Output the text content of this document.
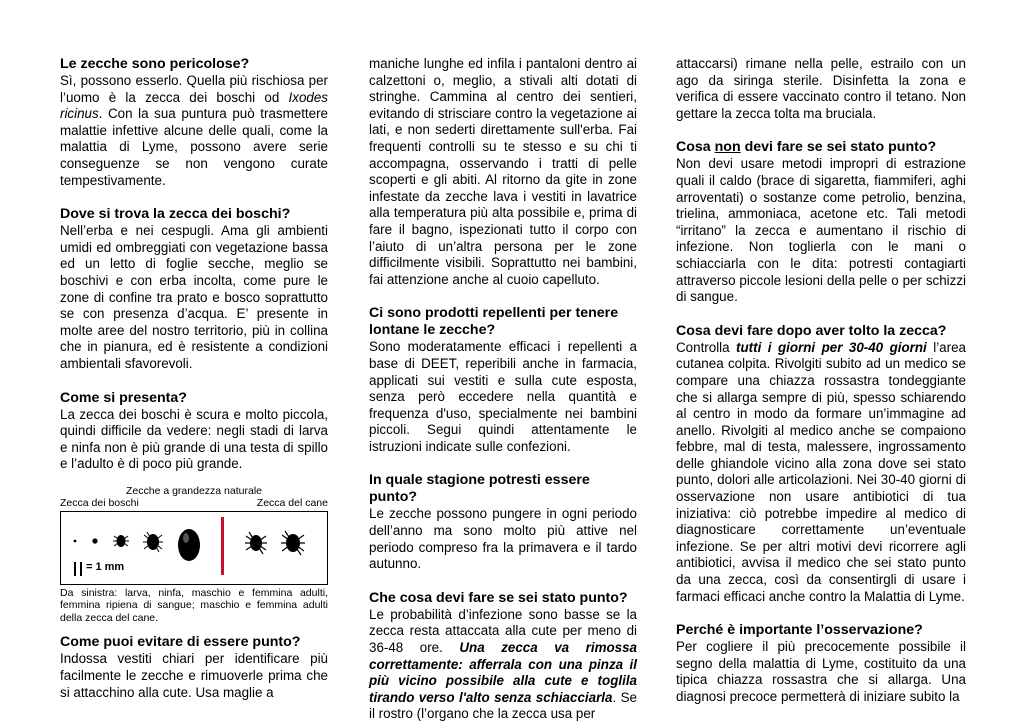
Le zecche sono pericolose?

Sì, possono esserlo. Quella più rischiosa per l’uomo è la zecca dei boschi od Ixodes ricinus. Con la sua puntura può trasmettere malattie infettive alcune delle quali, come la malattia di Lyme, possono avere serie conseguenze se non vengono curate tempestivamente.

Dove si trova la zecca dei boschi?

Nell’erba e nei cespugli. Ama gli ambienti umidi ed ombreggiati con vegetazione bassa ed un letto di foglie secche, meglio se boschivi e con erba incolta, come pure le zone di confine tra prato e bosco soprattutto se con presenza d’acqua. E’ presente in molte aree del nostro territorio, più in collina che in pianura, ed è resistente a condizioni ambientali sfavorevoli.

Come si presenta?

La zecca dei boschi è scura e molto piccola, quindi difficile da vedere: negli stadi di larva e ninfa non è più grande di una testa di spillo e l’adulto è di poco più grande.

Zecche a grandezza naturale
Zecca dei boschi	Zecca del cane
= 1 mm
Da sinistra: larva, ninfa, maschio e femmina adulti, femmina ripiena di sangue; maschio e femmina adulti della zecca del cane.
Come puoi evitare di essere punto?

Indossa vestiti chiari per identificare più facilmente le zecche e rimuoverle prima che si attacchino alla cute. Usa maglie a

maniche lunghe ed infila i pantaloni dentro ai calzettoni o, meglio, a stivali alti dotati di stringhe. Cammina al centro dei sentieri, evitando di strisciare contro la vegetazione ai lati, e non sederti direttamente sull'erba. Fai frequenti controlli su te stesso e su chi ti accompagna, osservando i tratti di pelle scoperti e gli abiti. Al ritorno da gite in zone infestate da zecche lava i vestiti in lavatrice alla temperatura più alta possibile e, prima di fare il bagno, ispezionati tutto il corpo con l’aiuto di un’altra persona per le zone difficilmente visibili. Soprattutto nei bambini, fai attenzione anche al cuoio capelluto.

Ci sono prodotti repellenti per tenere lontane le zecche?

Sono moderatamente efficaci i repellenti a base di DEET, reperibili anche in farmacia, applicati sui vestiti e sulla cute esposta, senza però eccedere nella quantità e frequenza d'uso, specialmente nei bambini piccoli. Segui quindi attentamente le istruzioni indicate sulle confezioni.

In quale stagione potresti essere punto?

Le zecche possono pungere in ogni periodo dell’anno ma sono molto più attive nel periodo compreso fra la primavera e il tardo autunno.

Che cosa devi fare se sei stato punto?

Le probabilità d’infezione sono basse se la zecca resta attaccata alla cute per meno di 36-48 ore. Una zecca va rimossa correttamente: afferrala con una pinza il più vicino possibile alla cute e toglila tirando verso l'alto senza schiacciarla. Se il rostro (l’organo che la zecca usa per

attaccarsi) rimane nella pelle, estrailo con un ago da siringa sterile. Disinfetta la zona e verifica di essere vaccinato contro il tetano. Non gettare la zecca tolta ma bruciala.

Cosa non devi fare se sei stato punto?

Non devi usare metodi impropri di estrazione quali il caldo (brace di sigaretta, fiammiferi, aghi arroventati) o sostanze come petrolio, benzina, trielina, ammoniaca, acetone etc. Tali metodi “irritano” la zecca e aumentano il rischio di infezione. Non toglierla con le mani o schiacciarla con le dita: potresti contagiarti attraverso piccole lesioni della pelle o per schizzi di sangue.

Cosa devi fare dopo aver tolto la zecca?

Controlla tutti i giorni per 30-40 giorni l’area cutanea colpita. Rivolgiti subito ad un medico se compare una chiazza rossastra tondeggiante che si allarga sempre di più, spesso schiarendo al centro in modo da formare un’immagine ad anello. Rivolgiti al medico anche se compaiono febbre, mal di testa, malessere, ingrossamento delle ghiandole vicino alla zona dove sei stato punto, dolori alle articolazioni. Nei 30-40 giorni di osservazione non usare antibiotici di tua iniziativa: ciò potrebbe impedire al medico di diagnosticare correttamente un’eventuale infezione. Se per altri motivi devi ricorrere agli antibiotici, avvisa il medico che sei stato punto da una zecca, così da consentirgli di usare i farmaci efficaci anche contro la Malattia di Lyme.

Perché è importante l’osservazione?

Per cogliere il più precocemente possibile il segno della malattia di Lyme, costituito da una tipica chiazza rossastra che si allarga. Una diagnosi precoce permetterà di iniziare subito la
